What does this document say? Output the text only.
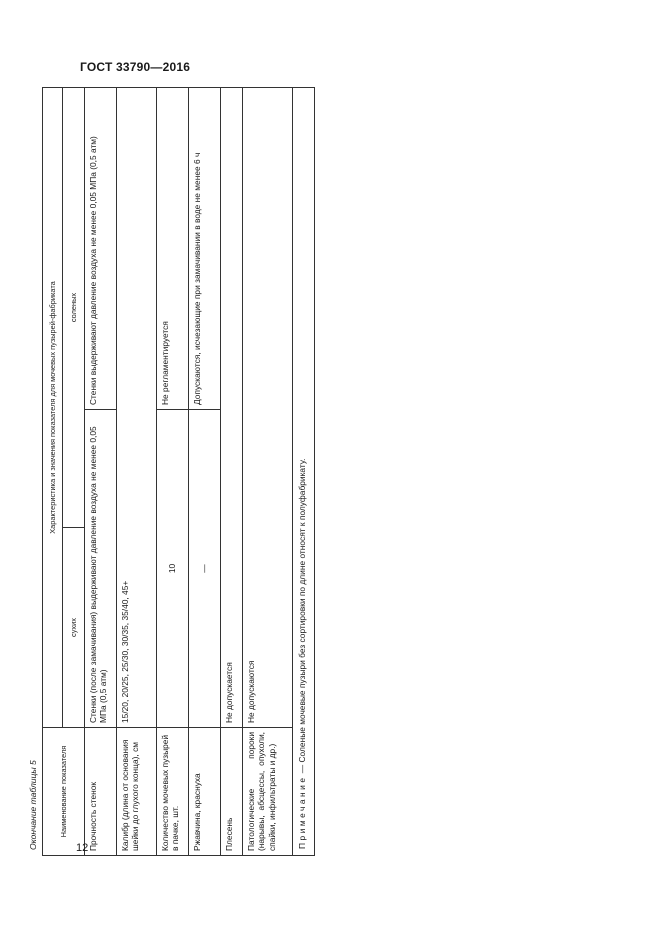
ГОСТ 33790—2016
Окончание таблицы 5	Наименование показателя	Характеристика и значения показателя для мочевых пузырей-фабриката		
	сухих	соленых	
Прочность стенок	Стенки (после замачивания) выдерживают давление воздуха не менее 0,05 МПа (0,5 атм)		Стенки выдерживают давление воздуха не менее 0,05 МПа (0,5 атм)
Калибр (длина от основания шейки до глухого конца), см	15/20, 20/25, 25/30, 30/35, 35/40, 45+		
Количество мочевых пузырей в пачке, шт.	10		Не регламентируется
Ржавчина, краснуха	—		Допускаются, исчезающие при замачивании в воде не менее 6 ч
Плесень	Не допускается		
Патологические пороки (нарывы, абсцессы, опухоли, спайки, инфильтраты и др.)	Не допускаются		
Примечание — Соленые мочевые пузыри без сортировки по длине относят к полуфабрикату.			
12
